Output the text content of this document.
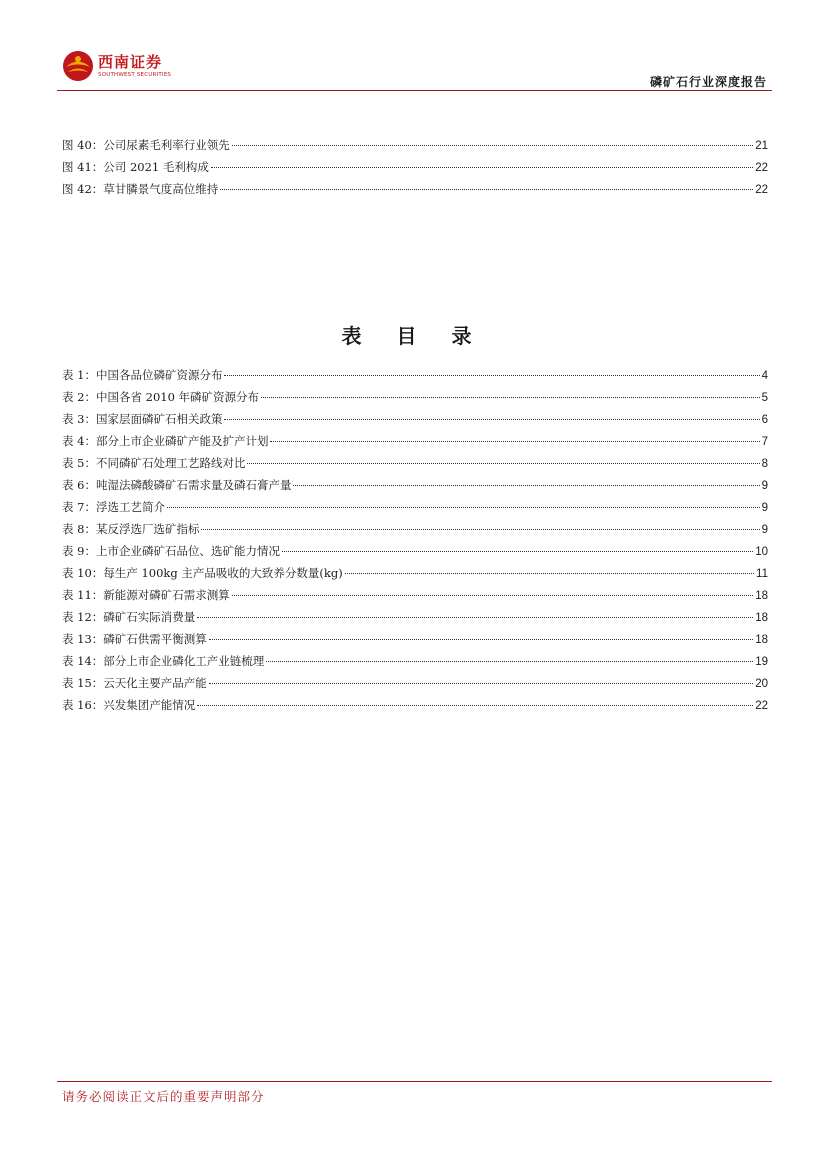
西南证券
SOUTHWEST SECURITIES	磷矿石行业深度报告
图 40：公司尿素毛利率行业领先	21
图 41：公司 2021 毛利构成	22
图 42：草甘膦景气度高位维持	22
表 目 录
表 1：中国各品位磷矿资源分布	4
表 2：中国各省 2010 年磷矿资源分布	5
表 3：国家层面磷矿石相关政策	6
表 4：部分上市企业磷矿产能及扩产计划	7
表 5：不同磷矿石处理工艺路线对比	8
表 6：吨湿法磷酸磷矿石需求量及磷石膏产量	9
表 7：浮选工艺简介	9
表 8：某反浮选厂选矿指标	9
表 9：上市企业磷矿石品位、选矿能力情况	10
表 10：每生产 100kg 主产品吸收的大致养分数量(kg)	11
表 11：新能源对磷矿石需求测算	18
表 12：磷矿石实际消费量	18
表 13：磷矿石供需平衡测算	18
表 14：部分上市企业磷化工产业链梳理	19
表 15：云天化主要产品产能	20
表 16：兴发集团产能情况	22
请务必阅读正文后的重要声明部分
